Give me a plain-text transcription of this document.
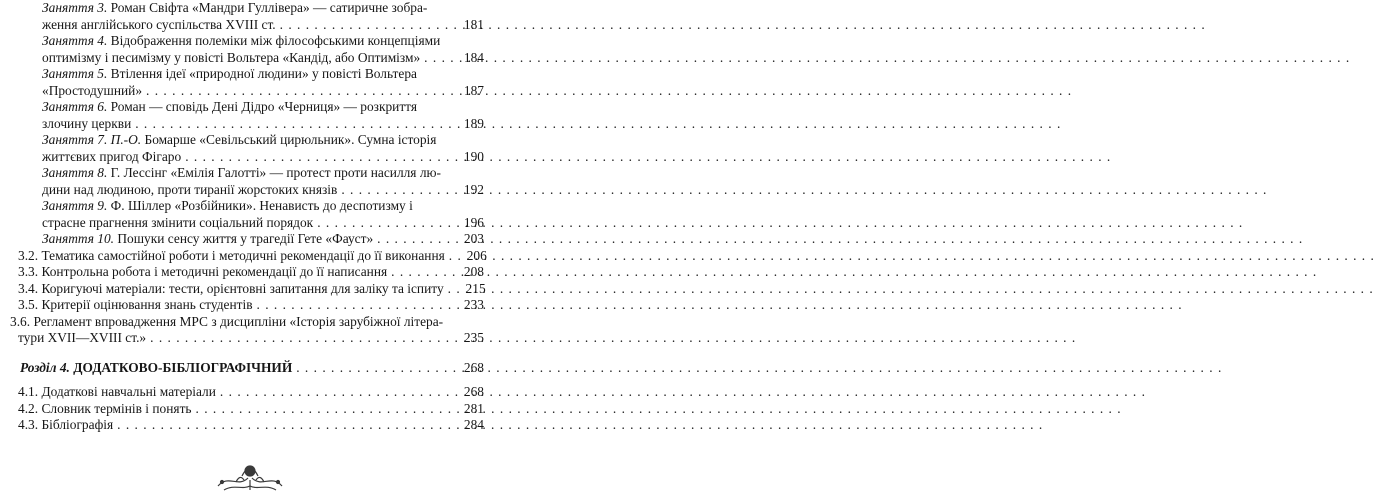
Заняття 3. Роман Свіфта «Мандри Гуллівера» — сатиричне зобра-
ження англійського суспільства XVIII ст. . . .	181
Заняття 4. Відображення полеміки між філософськими концепціями
оптимізму і песимізму у повісті Вольтера «Кандід, або Оптимізм» . . .	184
Заняття 5. Втілення ідеї «природної людини» у повісті Вольтера
«Простодушний» . . .	187
Заняття 6. Роман — сповідь Дені Дідро «Черниця» — розкриття
злочину церкви . . .	189
Заняття 7. П.-О. Бомарше «Севільський цирюльник». Сумна історія
життєвих пригод Фігаро . . .	190
Заняття 8. Г. Лессінг «Емілія Галотті» — протест проти насилля лю-
дини над людиною, проти тиранії жорстоких князів . . .	192
Заняття 9. Ф. Шіллер «Розбійники». Ненависть до деспотизму і
страсне прагнення змінити соціальний порядок . . .	196
Заняття 10. Пошуки сенсу життя у трагедії Гете «Фауст» . . .	203
3.2. Тематика самостійної роботи і методичні рекомендації до її виконання . . . 206
3.3. Контрольна робота і методичні рекомендації до її написання . . .	208
3.4. Коригуючі матеріали: тести, орієнтовні запитання для заліку та іспиту . . . 215
3.5. Критерії оцінювання знань студентів . . .	233
3.6. Регламент впровадження МРС з дисципліни «Історія зарубіжної літера-
тури XVII—XVIII ст.» . . .	235
Розділ 4. ДОДАТКОВО-БІБЛІОГРАФІЧНИЙ . . .	268
4.1. Додаткові навчальні матеріали . . .	268
4.2. Словник термінів і понять . . .	281
4.3. Бібліографія . . .	284
